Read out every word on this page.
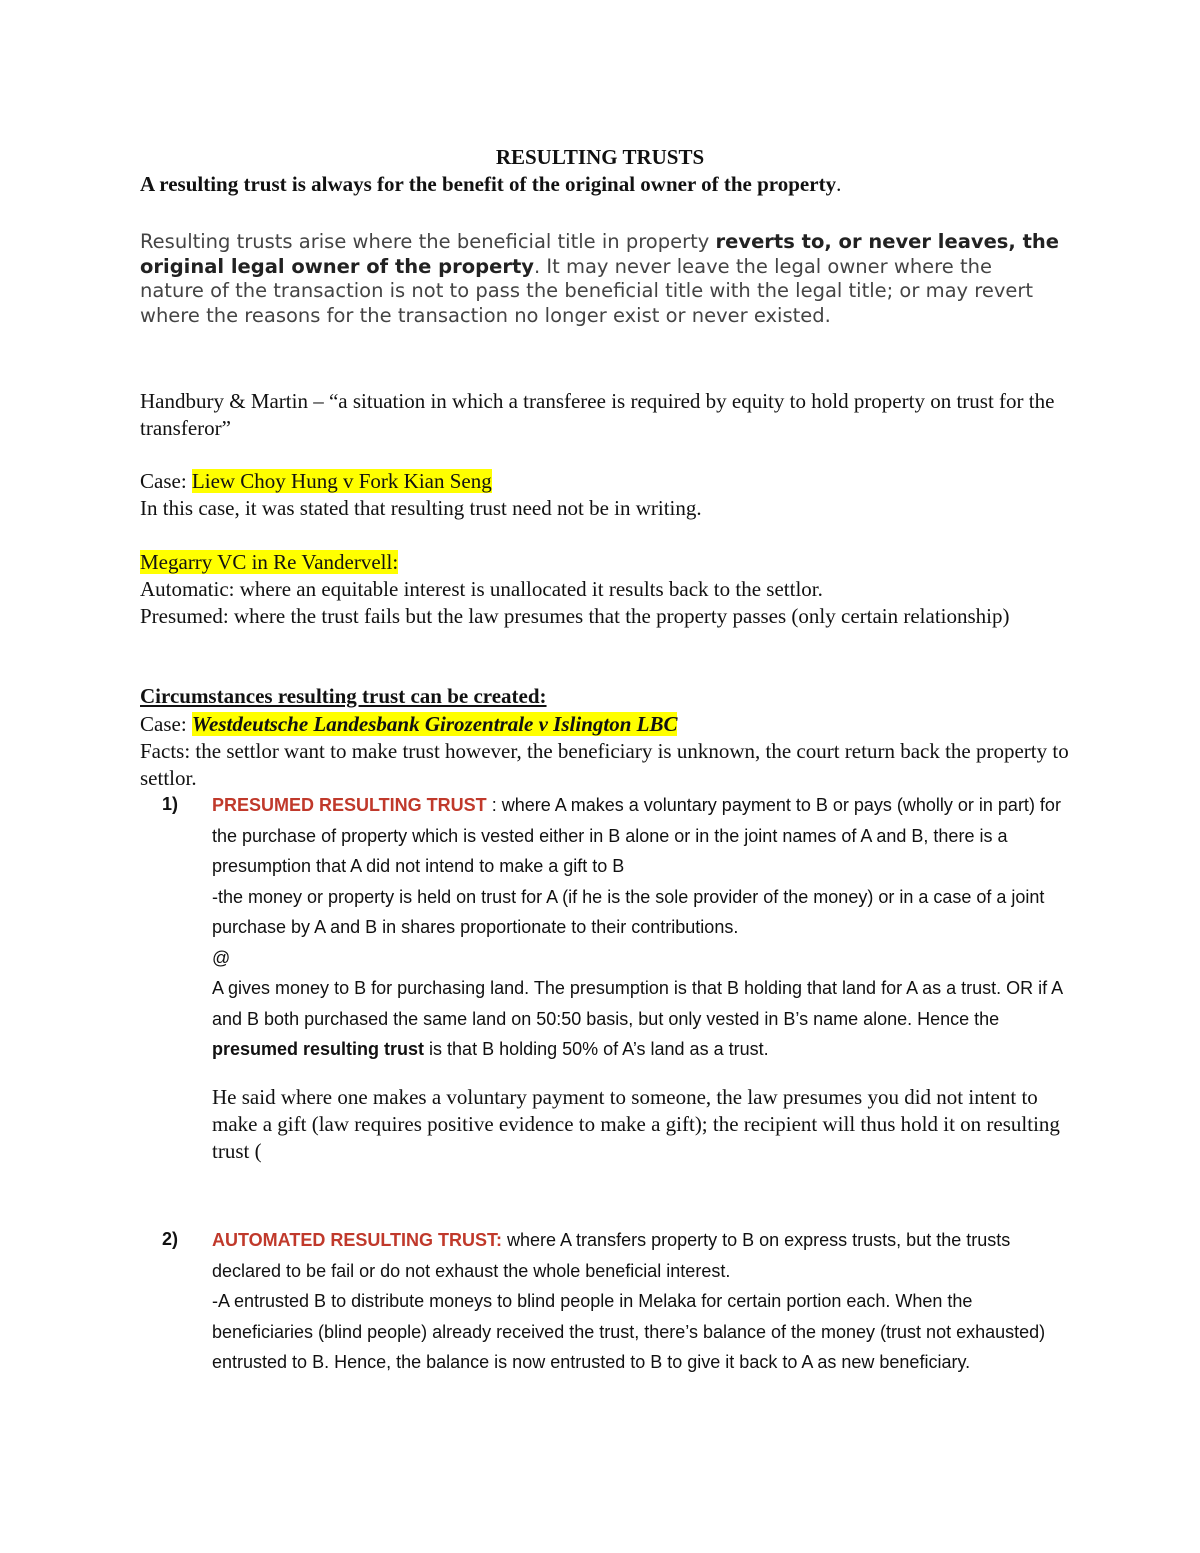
RESULTING TRUSTS
A resulting trust is always for the benefit of the original owner of the property.
Resulting trusts arise where the beneficial title in property reverts to, or never leaves, the original legal owner of the property. It may never leave the legal owner where the nature of the transaction is not to pass the beneficial title with the legal title; or may revert where the reasons for the transaction no longer exist or never existed.
Handbury & Martin – “a situation in which a transferee is required by equity to hold property on trust for the transferor”
Case: Liew Choy Hung v Fork Kian Seng
In this case, it was stated that resulting trust need not be in writing.
Megarry VC in Re Vandervell:
Automatic: where an equitable interest is unallocated it results back to the settlor.
Presumed: where the trust fails but the law presumes that the property passes (only certain relationship)
Circumstances resulting trust can be created:
Case: Westdeutsche Landesbank Girozentrale v Islington LBC
Facts: the settlor want to make trust however, the beneficiary is unknown, the court return back the property to settlor.
1) PRESUMED RESULTING TRUST : where A makes a voluntary payment to B or pays (wholly or in part) for the purchase of property which is vested either in B alone or in the joint names of A and B, there is a presumption that A did not intend to make a gift to B
-the money or property is held on trust for A (if he is the sole provider of the money) or in a case of a joint purchase by A and B in shares proportionate to their contributions.
@
A gives money to B for purchasing land. The presumption is that B holding that land for A as a trust. OR if A and B both purchased the same land on 50:50 basis, but only vested in B’s name alone. Hence the presumed resulting trust is that B holding 50% of A’s land as a trust.
He said where one makes a voluntary payment to someone, the law presumes you did not intent to make a gift (law requires positive evidence to make a gift); the recipient will thus hold it on resulting trust (
2) AUTOMATED RESULTING TRUST: where A transfers property to B on express trusts, but the trusts declared to be fail or do not exhaust the whole beneficial interest.
-A entrusted B to distribute moneys to blind people in Melaka for certain portion each. When the beneficiaries (blind people) already received the trust, there’s balance of the money (trust not exhausted) entrusted to B. Hence, the balance is now entrusted to B to give it back to A as new beneficiary.
